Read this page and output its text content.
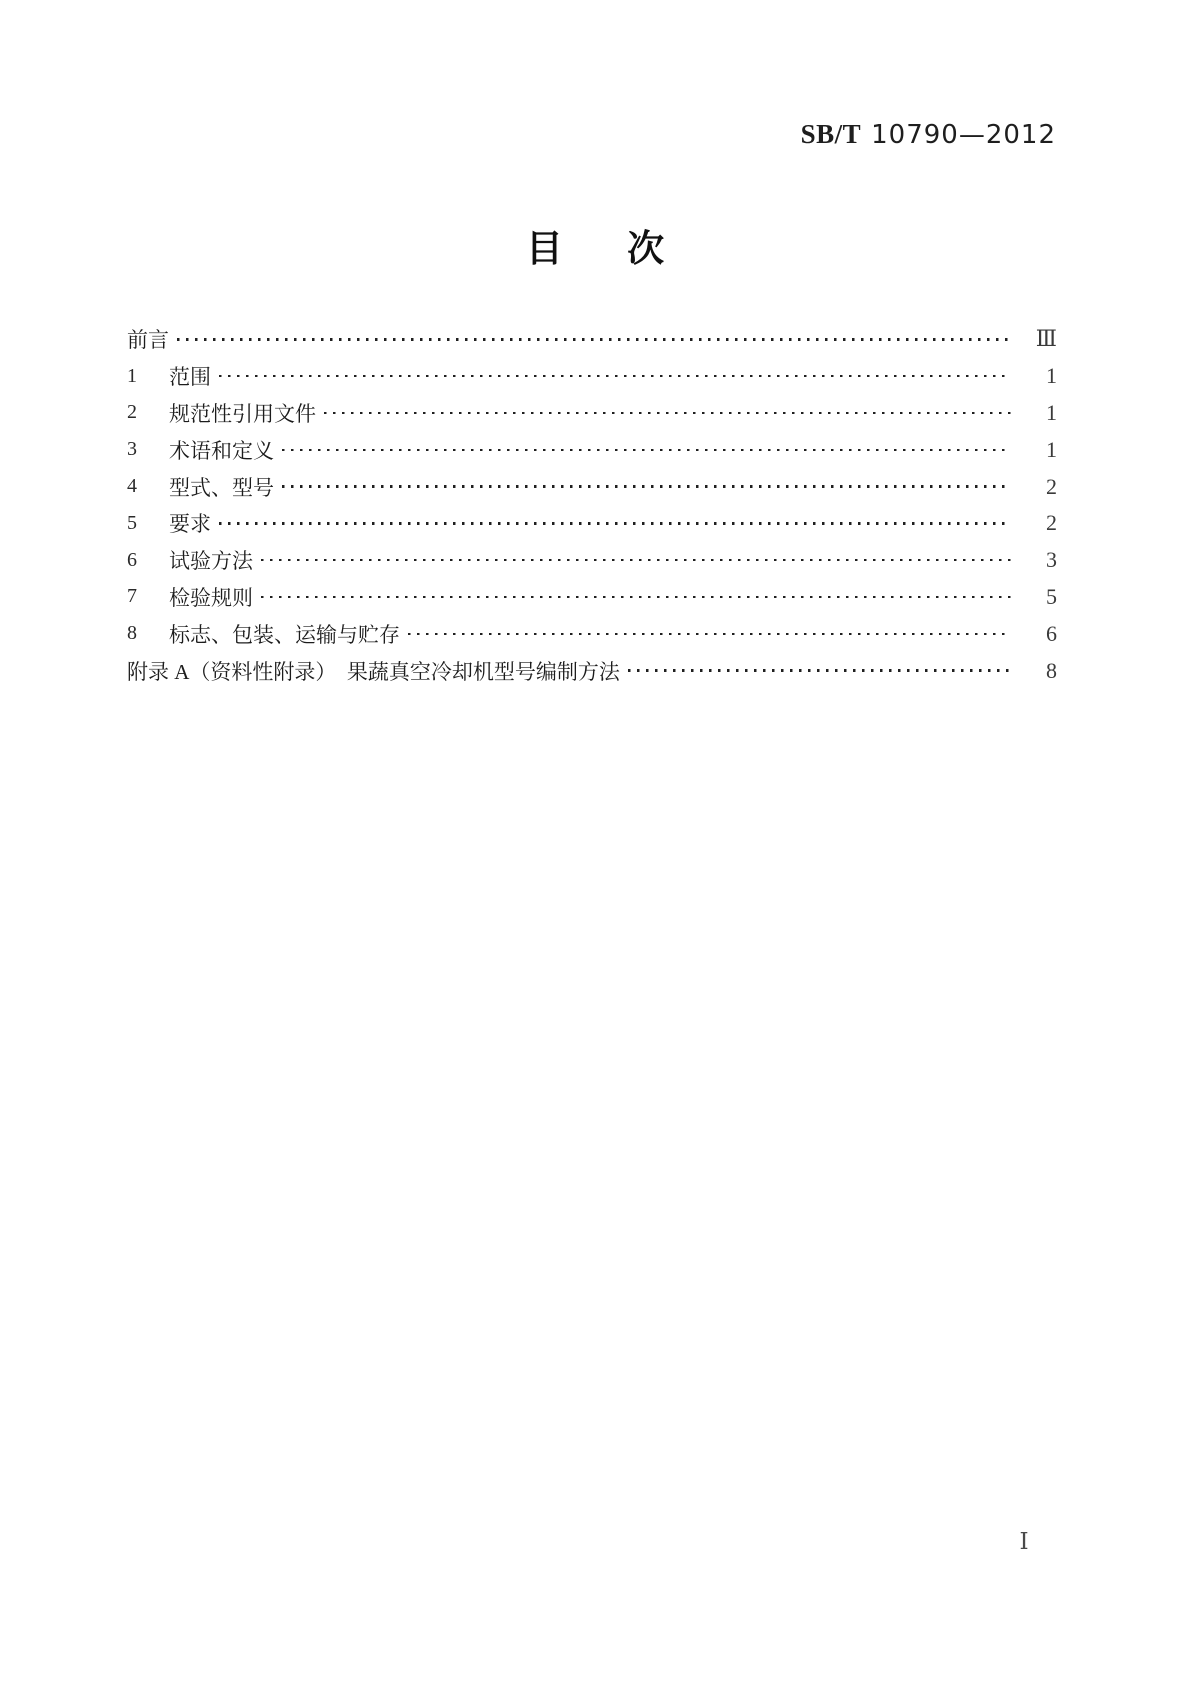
SB/T 10790—2012
目 次
前言	Ⅲ
1	范围	1
2	规范性引用文件	1
3	术语和定义	1
4	型式、型号	2
5	要求	2
6	试验方法	3
7	检验规则	5
8	标志、包装、运输与贮存	6
附录 A（资料性附录）　果蔬真空冷却机型号编制方法	8
Ⅰ
